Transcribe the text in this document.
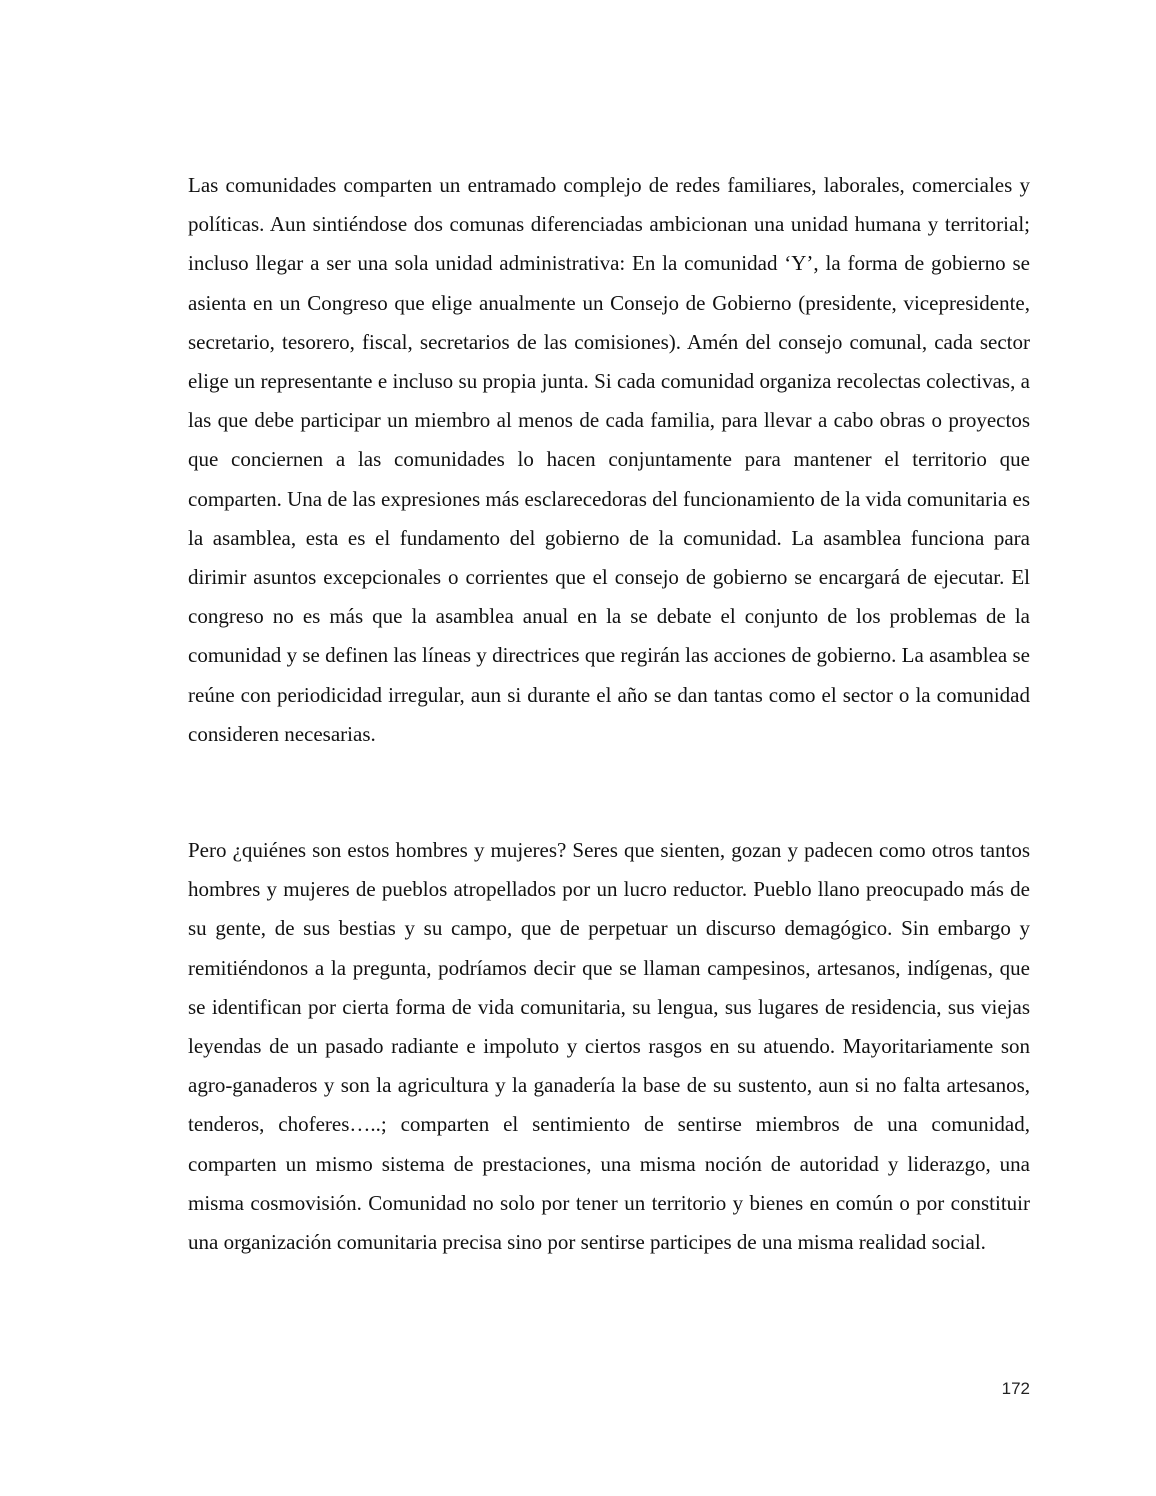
Las comunidades comparten un entramado complejo de redes familiares, laborales, comerciales y políticas. Aun sintiéndose dos comunas diferenciadas ambicionan una unidad humana y territorial; incluso llegar a ser una sola unidad administrativa: En la comunidad ‘Y’, la forma de gobierno se asienta en un Congreso que elige anualmente un Consejo de Gobierno (presidente, vicepresidente, secretario, tesorero, fiscal, secretarios de las comisiones). Amén del consejo comunal, cada sector elige un representante e incluso su propia junta. Si cada comunidad organiza recolectas colectivas, a las que debe participar un miembro al menos de cada familia, para llevar a cabo obras o proyectos que conciernen a las comunidades lo hacen conjuntamente para mantener el territorio que comparten. Una de las expresiones más esclarecedoras del funcionamiento de la vida comunitaria es la asamblea, esta es el fundamento del gobierno de la comunidad. La asamblea funciona para dirimir asuntos excepcionales o corrientes que el consejo de gobierno se encargará de ejecutar. El congreso no es más que la asamblea anual en la se debate el conjunto de los problemas de la comunidad y se definen las líneas y directrices que regirán las acciones de gobierno. La asamblea se reúne con periodicidad irregular, aun si durante el año se dan tantas como el sector o la comunidad consideren necesarias.

Pero ¿quiénes son estos hombres y mujeres? Seres que sienten, gozan y padecen como otros tantos hombres y mujeres de pueblos atropellados por un lucro reductor. Pueblo llano preocupado más de su gente, de sus bestias y su campo, que de perpetuar un discurso demagógico. Sin embargo y remitiéndonos a la pregunta, podríamos decir que se llaman campesinos, artesanos, indígenas, que se identifican por cierta forma de vida comunitaria, su lengua, sus lugares de residencia, sus viejas leyendas de un pasado radiante e impoluto y ciertos rasgos en su atuendo. Mayoritariamente son agro-ganaderos y son la agricultura y la ganadería la base de su sustento, aun si no falta artesanos, tenderos, choferes…..; comparten el sentimiento de sentirse miembros de una comunidad, comparten un mismo sistema de prestaciones, una misma noción de autoridad y liderazgo, una misma cosmovisión. Comunidad no solo por tener un territorio y bienes en común o por constituir una organización comunitaria precisa sino por sentirse participes de una misma realidad social.

172
